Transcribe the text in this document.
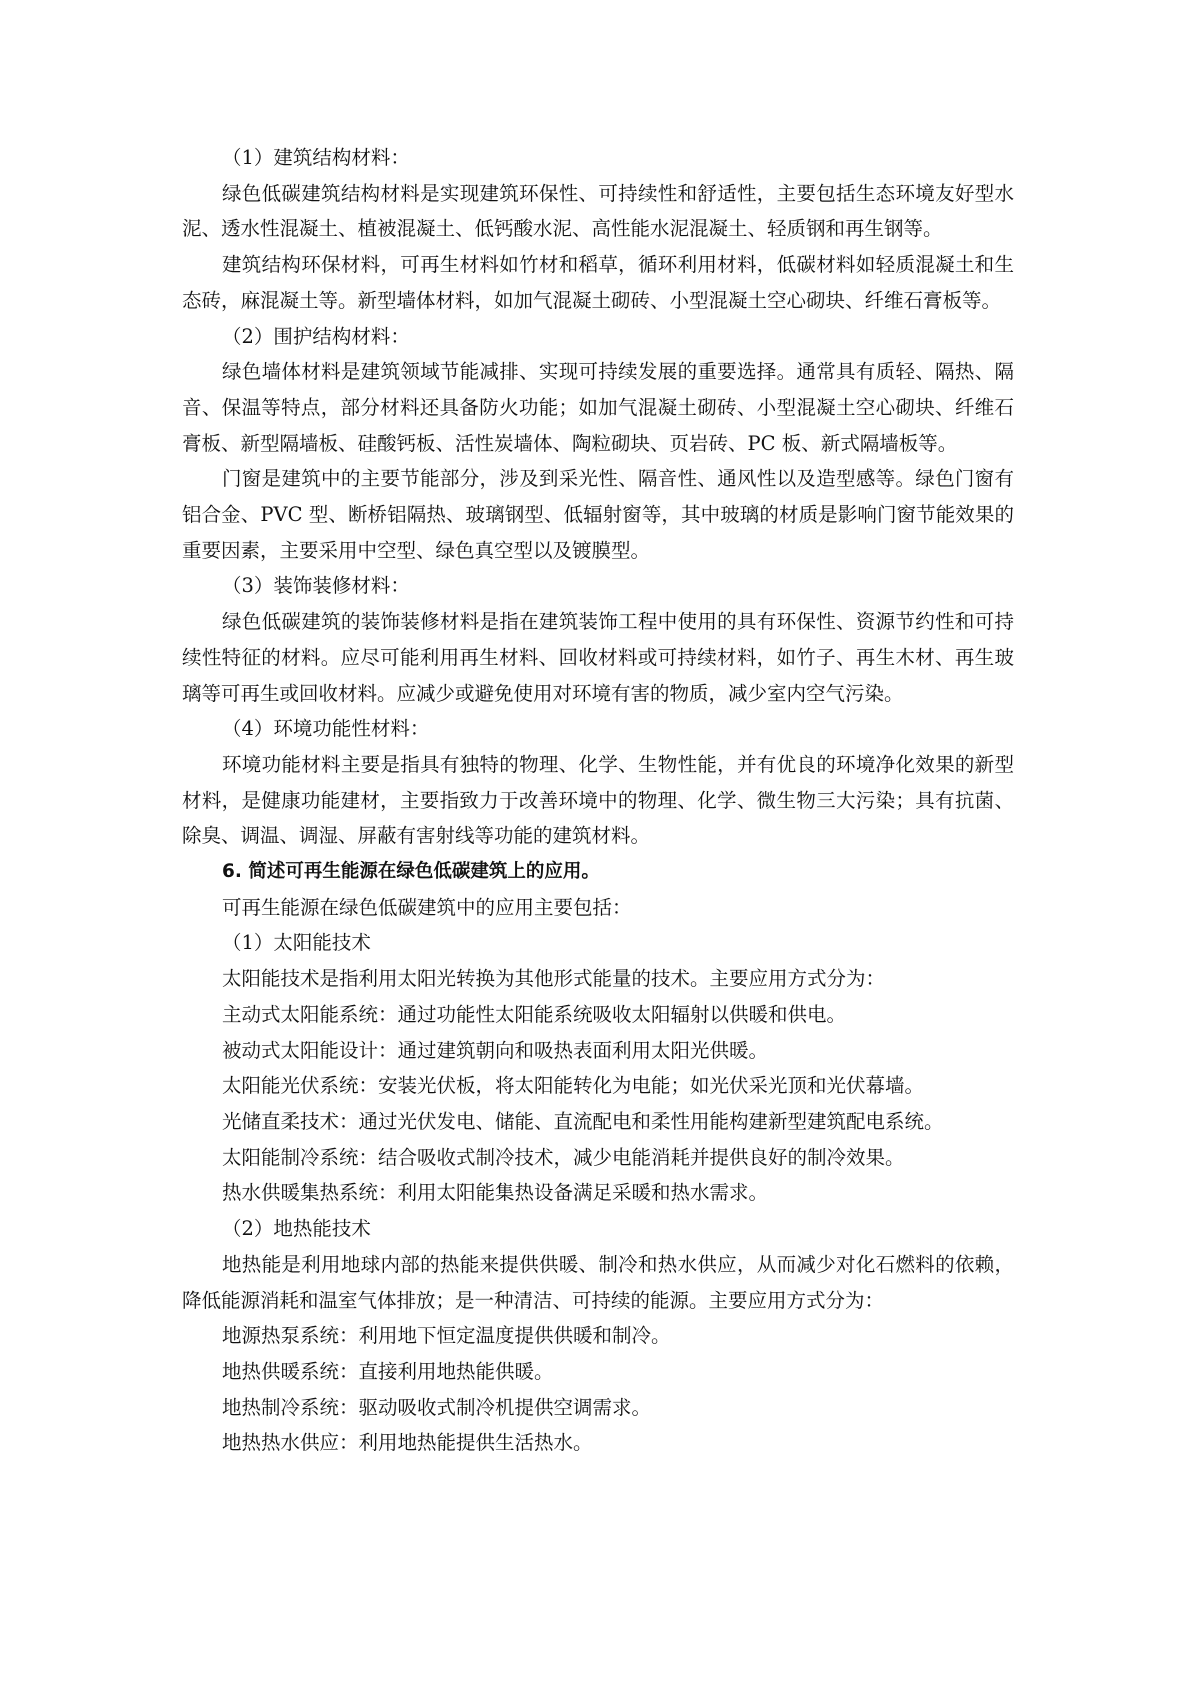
（1）建筑结构材料：

绿色低碳建筑结构材料是实现建筑环保性、可持续性和舒适性，主要包括生态环境友好型水泥、透水性混凝土、植被混凝土、低钙酸水泥、高性能水泥混凝土、轻质钢和再生钢等。

建筑结构环保材料，可再生材料如竹材和稻草，循环利用材料，低碳材料如轻质混凝土和生态砖，麻混凝土等。新型墙体材料，如加气混凝土砌砖、小型混凝土空心砌块、纤维石膏板等。

（2）围护结构材料：

绿色墙体材料是建筑领域节能减排、实现可持续发展的重要选择。通常具有质轻、隔热、隔音、保温等特点，部分材料还具备防火功能；如加气混凝土砌砖、小型混凝土空心砌块、纤维石膏板、新型隔墙板、硅酸钙板、活性炭墙体、陶粒砌块、页岩砖、PC 板、新式隔墙板等。

门窗是建筑中的主要节能部分，涉及到采光性、隔音性、通风性以及造型感等。绿色门窗有铝合金、PVC 型、断桥铝隔热、玻璃钢型、低辐射窗等，其中玻璃的材质是影响门窗节能效果的重要因素，主要采用中空型、绿色真空型以及镀膜型。

（3）装饰装修材料：

绿色低碳建筑的装饰装修材料是指在建筑装饰工程中使用的具有环保性、资源节约性和可持续性特征的材料。应尽可能利用再生材料、回收材料或可持续材料，如竹子、再生木材、再生玻璃等可再生或回收材料。应减少或避免使用对环境有害的物质，减少室内空气污染。

（4）环境功能性材料：

环境功能材料主要是指具有独特的物理、化学、生物性能，并有优良的环境净化效果的新型材料，是健康功能建材，主要指致力于改善环境中的物理、化学、微生物三大污染；具有抗菌、除臭、调温、调湿、屏蔽有害射线等功能的建筑材料。

6. 简述可再生能源在绿色低碳建筑上的应用。

可再生能源在绿色低碳建筑中的应用主要包括：

（1）太阳能技术

太阳能技术是指利用太阳光转换为其他形式能量的技术。主要应用方式分为：

主动式太阳能系统：通过功能性太阳能系统吸收太阳辐射以供暖和供电。

被动式太阳能设计：通过建筑朝向和吸热表面利用太阳光供暖。

太阳能光伏系统：安装光伏板，将太阳能转化为电能；如光伏采光顶和光伏幕墙。

光储直柔技术：通过光伏发电、储能、直流配电和柔性用能构建新型建筑配电系统。

太阳能制冷系统：结合吸收式制冷技术，减少电能消耗并提供良好的制冷效果。

热水供暖集热系统：利用太阳能集热设备满足采暖和热水需求。

（2）地热能技术

地热能是利用地球内部的热能来提供供暖、制冷和热水供应，从而减少对化石燃料的依赖，降低能源消耗和温室气体排放；是一种清洁、可持续的能源。主要应用方式分为：

地源热泵系统：利用地下恒定温度提供供暖和制冷。

地热供暖系统：直接利用地热能供暖。

地热制冷系统：驱动吸收式制冷机提供空调需求。

地热热水供应：利用地热能提供生活热水。
